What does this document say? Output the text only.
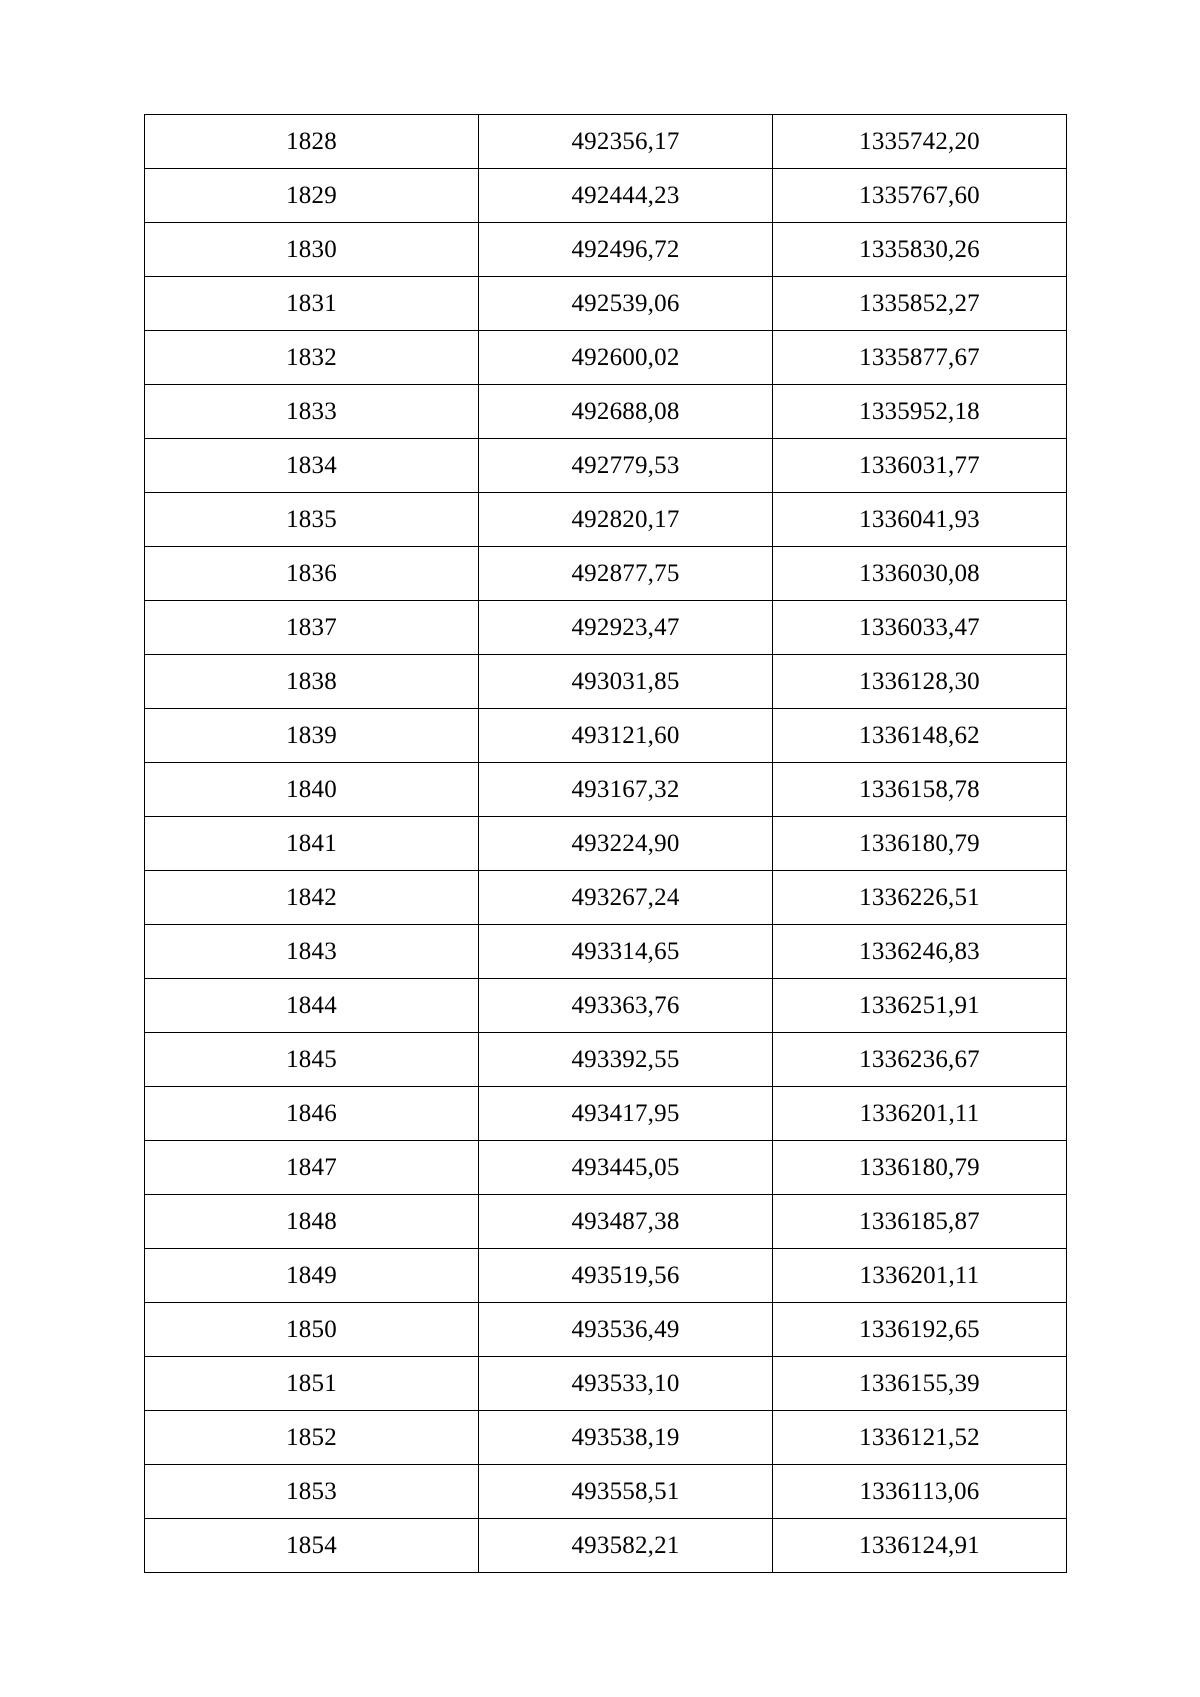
1828	492356,17	1335742,20
1829	492444,23	1335767,60
1830	492496,72	1335830,26
1831	492539,06	1335852,27
1832	492600,02	1335877,67
1833	492688,08	1335952,18
1834	492779,53	1336031,77
1835	492820,17	1336041,93
1836	492877,75	1336030,08
1837	492923,47	1336033,47
1838	493031,85	1336128,30
1839	493121,60	1336148,62
1840	493167,32	1336158,78
1841	493224,90	1336180,79
1842	493267,24	1336226,51
1843	493314,65	1336246,83
1844	493363,76	1336251,91
1845	493392,55	1336236,67
1846	493417,95	1336201,11
1847	493445,05	1336180,79
1848	493487,38	1336185,87
1849	493519,56	1336201,11
1850	493536,49	1336192,65
1851	493533,10	1336155,39
1852	493538,19	1336121,52
1853	493558,51	1336113,06
1854	493582,21	1336124,91
